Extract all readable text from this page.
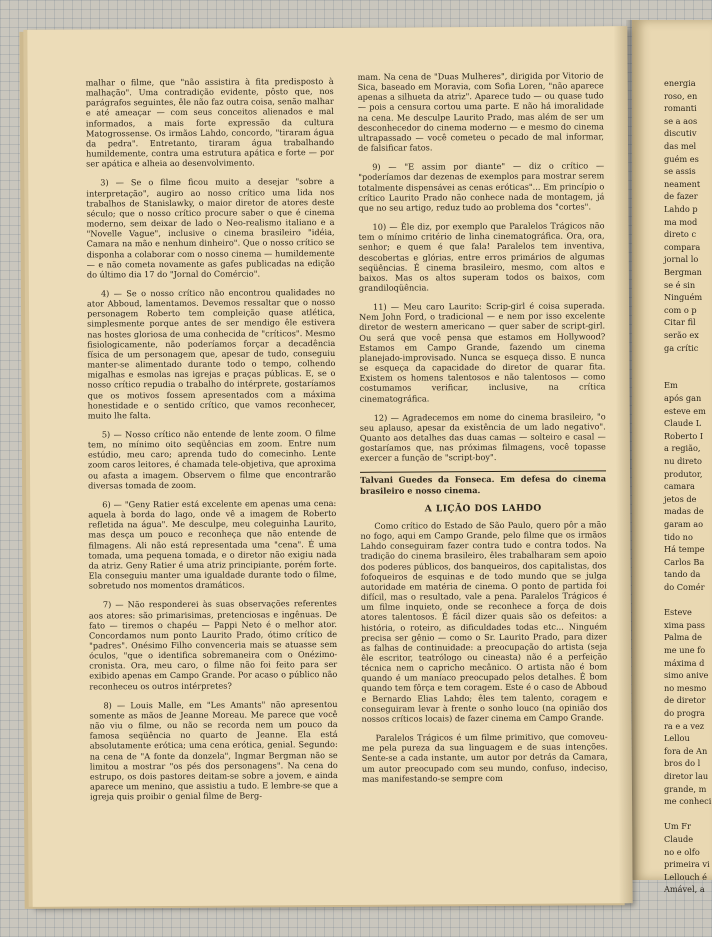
energia
roso, en
romanti
se a aos
discutiv
das mel
guém es
se assis
neament
de fazer
Lahdo p
ma mod
direto c
compara
jornal lo
Bergman
se é sin
Ninguém
com o p
Citar fil
serão ex
ga crític
Em
após gan
esteve em
Claude L
Roberto I
a região,
nu direto
produtor,
camara
jetos de
madas de
garam ao
tido no
Há tempe
Carlos Ba
tando da
do Comér
Esteve
xima pass
Palma de
me une fo
máxima d
simo anive
no mesmo
de diretor
do progra
ra e a vez
Lellou
fora de An
bros do l
diretor lau
grande, m
me conheci
Um Fr
Claude
no e olfo
primeira vi
Lellouch é
Amável, a

malhar o filme, que "não assistira à fita predisposto à malhação". Uma contradição evidente, pôsto que, nos parágrafos seguintes, êle não faz outra coisa, senão malhar e até ameaçar — com seus conceitos alienados e mal informados, a mais forte expressão da cultura Matogrossense. Os irmãos Lahdo, concordo, "tiraram água da pedra". Entretanto, tiraram água trabalhando humildemente, contra uma estrutura apática e forte — por ser apática e alheia ao desenvolvimento.

3) — Se o filme ficou muito a desejar "sobre a interpretação", augiro ao nosso crítico uma lida nos trabalhos de Stanislawky, o maior diretor de atores deste século; que o nosso crítico procure saber o que é cinema moderno, sem deixar de lado o Neo-realismo italiano e a "Novelle Vague", inclusive o cinema brasileiro "idéia, Camara na mão e nenhum dinheiro". Que o nosso crítico se disponha a colaborar com o nosso cinema — humildemente — e não cometa novamente as gafes publicadas na edição do último dia 17 do "Jornal do Comércio".

4) — Se o nosso crítico não encontrou qualidades no ator Abboud, lamentamos. Devemos ressaltar que o nosso personagem Roberto tem compleição quase atlética, simplesmente porque antes de ser mendigo êle estivera nas hostes gloriosa de uma conhecida de "críticos". Mesmo fisiologicamente, não poderíamos forçar a decadência física de um personagem que, apesar de tudo, conseguiu manter-se alimentado durante todo o tempo, colhendo migalhas e esmolas nas igrejas e praças públicas. E, se o nosso crítico repudia o trabalho do intérprete, gostaríamos que os motivos fossem apresentados com a máxima honestidade e o sentido crítico, que vamos reconhecer, muito lhe falta.

5) — Nosso crítico não entende de lente zoom. O filme tem, no mínimo oito seqüências em zoom. Entre num estúdio, meu caro; aprenda tudo do comecinho. Lente zoom caros leitores, é chamada tele-objetiva, que aproxima ou afasta a imagem. Observem o filme que encontrarão diversas tomada de zoom.

6) — "Geny Ratier está excelente em apenas uma cena: aquela à borda do lago, onde vê a imagem de Roberto refletida na água". Me desculpe, meu coleguinha Laurito, mas desça um pouco e reconheça que não entende de filmagens. Ali não está representada uma "cena". É uma tomada, uma pequena tomada, e o diretor não exigiu nada da atriz. Geny Ratier é uma atriz principiante, porém forte. Ela conseguiu manter uma igualdade durante todo o filme, sobretudo nos momentos dramáticos.

7) — Não responderei às suas observações referentes aos atores: são primarisimas, pretenciosas e ingênuas. De fato — tiremos o chapéu — Pappi Neto é o melhor ator. Concordamos num ponto Laurito Prado, ótimo crítico de "padres". Onésimo Filho convenceria mais se atuasse sem óculos, "que o identifica sobremaneira com o Onézimo-cronista. Ora, meu caro, o filme não foi feito para ser exibido apenas em Campo Grande. Por acaso o público não reconheceu os outros intérpretes?

8) — Louis Malle, em "Les Amants" não apresentou somente as mãos de Jeanne Moreau. Me parece que você não viu o filme, ou não se recorda nem um pouco da famosa seqüência no quarto de Jeanne. Ela está absolutamente erótica; uma cena erótica, genial. Segundo: na cena de "A fonte da donzela", Ingmar Bergman não se limitou a mostrar "os pés dos personagens". Na cena do estrupo, os dois pastores deitam-se sobre a jovem, e ainda aparece um menino, que assistiu a tudo. E lembre-se que a igreja quis proibir o genial filme de Berg-

mam. Na cena de "Duas Mulheres", dirigida por Vitorio de Sica, baseado em Moravia, com Sofia Loren, "não aparece apenas a silhueta da atriz". Aparece tudo — ou quase tudo — pois a censura cortou uma parte. E não há imoralidade na cena. Me desculpe Laurito Prado, mas além de ser um desconhecedor do cinema moderno — e mesmo do cinema ultrapassado — você cometeu o pecado de mal informar, de falsificar fatos.

9) — "E assim por diante" — diz o crítico — "poderíamos dar dezenas de exemplos para mostrar serem totalmente dispensávei as cenas eróticas"... Em princípio o crítico Laurito Prado não conhece nada de montagem, já que no seu artigo, reduz tudo ao problema dos "cortes".

10) — Êle diz, por exemplo que Paralelos Trágicos não tem o mínimo critério de linha cinematográfica. Ora, ora, senhor; e quem é que fala! Paralelos tem inventiva, descobertas e glórias, entre erros primários de algumas seqüências. É cinema brasileiro, mesmo, com altos e baixos. Mas os altos superam todos os baixos, com grandiloqüência.

11) — Meu caro Laurito: Scrip-girl é coisa superada. Nem John Ford, o tradicional — e nem por isso excelente diretor de western americano — quer saber de script-girl. Ou será que você pensa que estamos em Hollywood? Estamos em Campo Grande, fazendo um cinema planejado-improvisado. Nunca se esqueça disso. E nunca se esqueça da capacidade do diretor de quarar fita. Existem os homens talentosos e não talentosos — como costumamos verificar, inclusive, na crítica cinematográfica.

12) — Agradecemos em nome do cinema brasileiro, "o seu aplauso, apesar da existência de um lado negativo". Quanto aos detalhes das duas camas — solteiro e casal — gostaríamos que, nas próximas filmagens, você topasse exercer a função de "script-boy".

Talvani Guedes da Fonseca. Em defesa do cinema brasileiro e nosso cinema.

A LIÇÃO DOS LAHDO

Como crítico do Estado de São Paulo, quero pôr a mão no fogo, aqui em Campo Grande, pelo filme que os irmãos Lahdo conseguiram fazer contra tudo e contra todos. Na tradição do cinema brasileiro, êles trabalharam sem apoio dos poderes públicos, dos banqueiros, dos capitalistas, dos fofoqueiros de esquinas e de todo mundo que se julga autoridade em matéria de cinema. O ponto de partida foi difícil, mas o resultado, vale a pena. Paralelos Trágicos é um filme inquieto, onde se reconhece a força de dois atores talentosos. É fácil dizer quais são os defeitos: a história, o roteiro, as dificuldades todas etc... Ninguém precisa ser gênio — como o Sr. Laurito Prado, para dizer as falhas de continuidade: a preocupação do artista (seja êle escritor, teatrólogo ou cineasta) não é a perfeição técnica nem o capricho mecânico. O artista não é bom quando é um maníaco preocupado pelos detalhes. É bom quando tem fôrça e tem coragem. Este é o caso de Abboud e Bernardo Elias Lahdo; êles tem talento, coragem e conseguiram levar à frente o sonho louco (na opinião dos nossos críticos locais) de fazer cinema em Campo Grande.

Paralelos Trágicos é um filme primitivo, que comoveu-me pela pureza da sua linguagem e de suas intenções. Sente-se a cada instante, um autor por detrás da Camara, um autor preocupado com seu mundo, confuso, indeciso, mas manifestando-se sempre com
